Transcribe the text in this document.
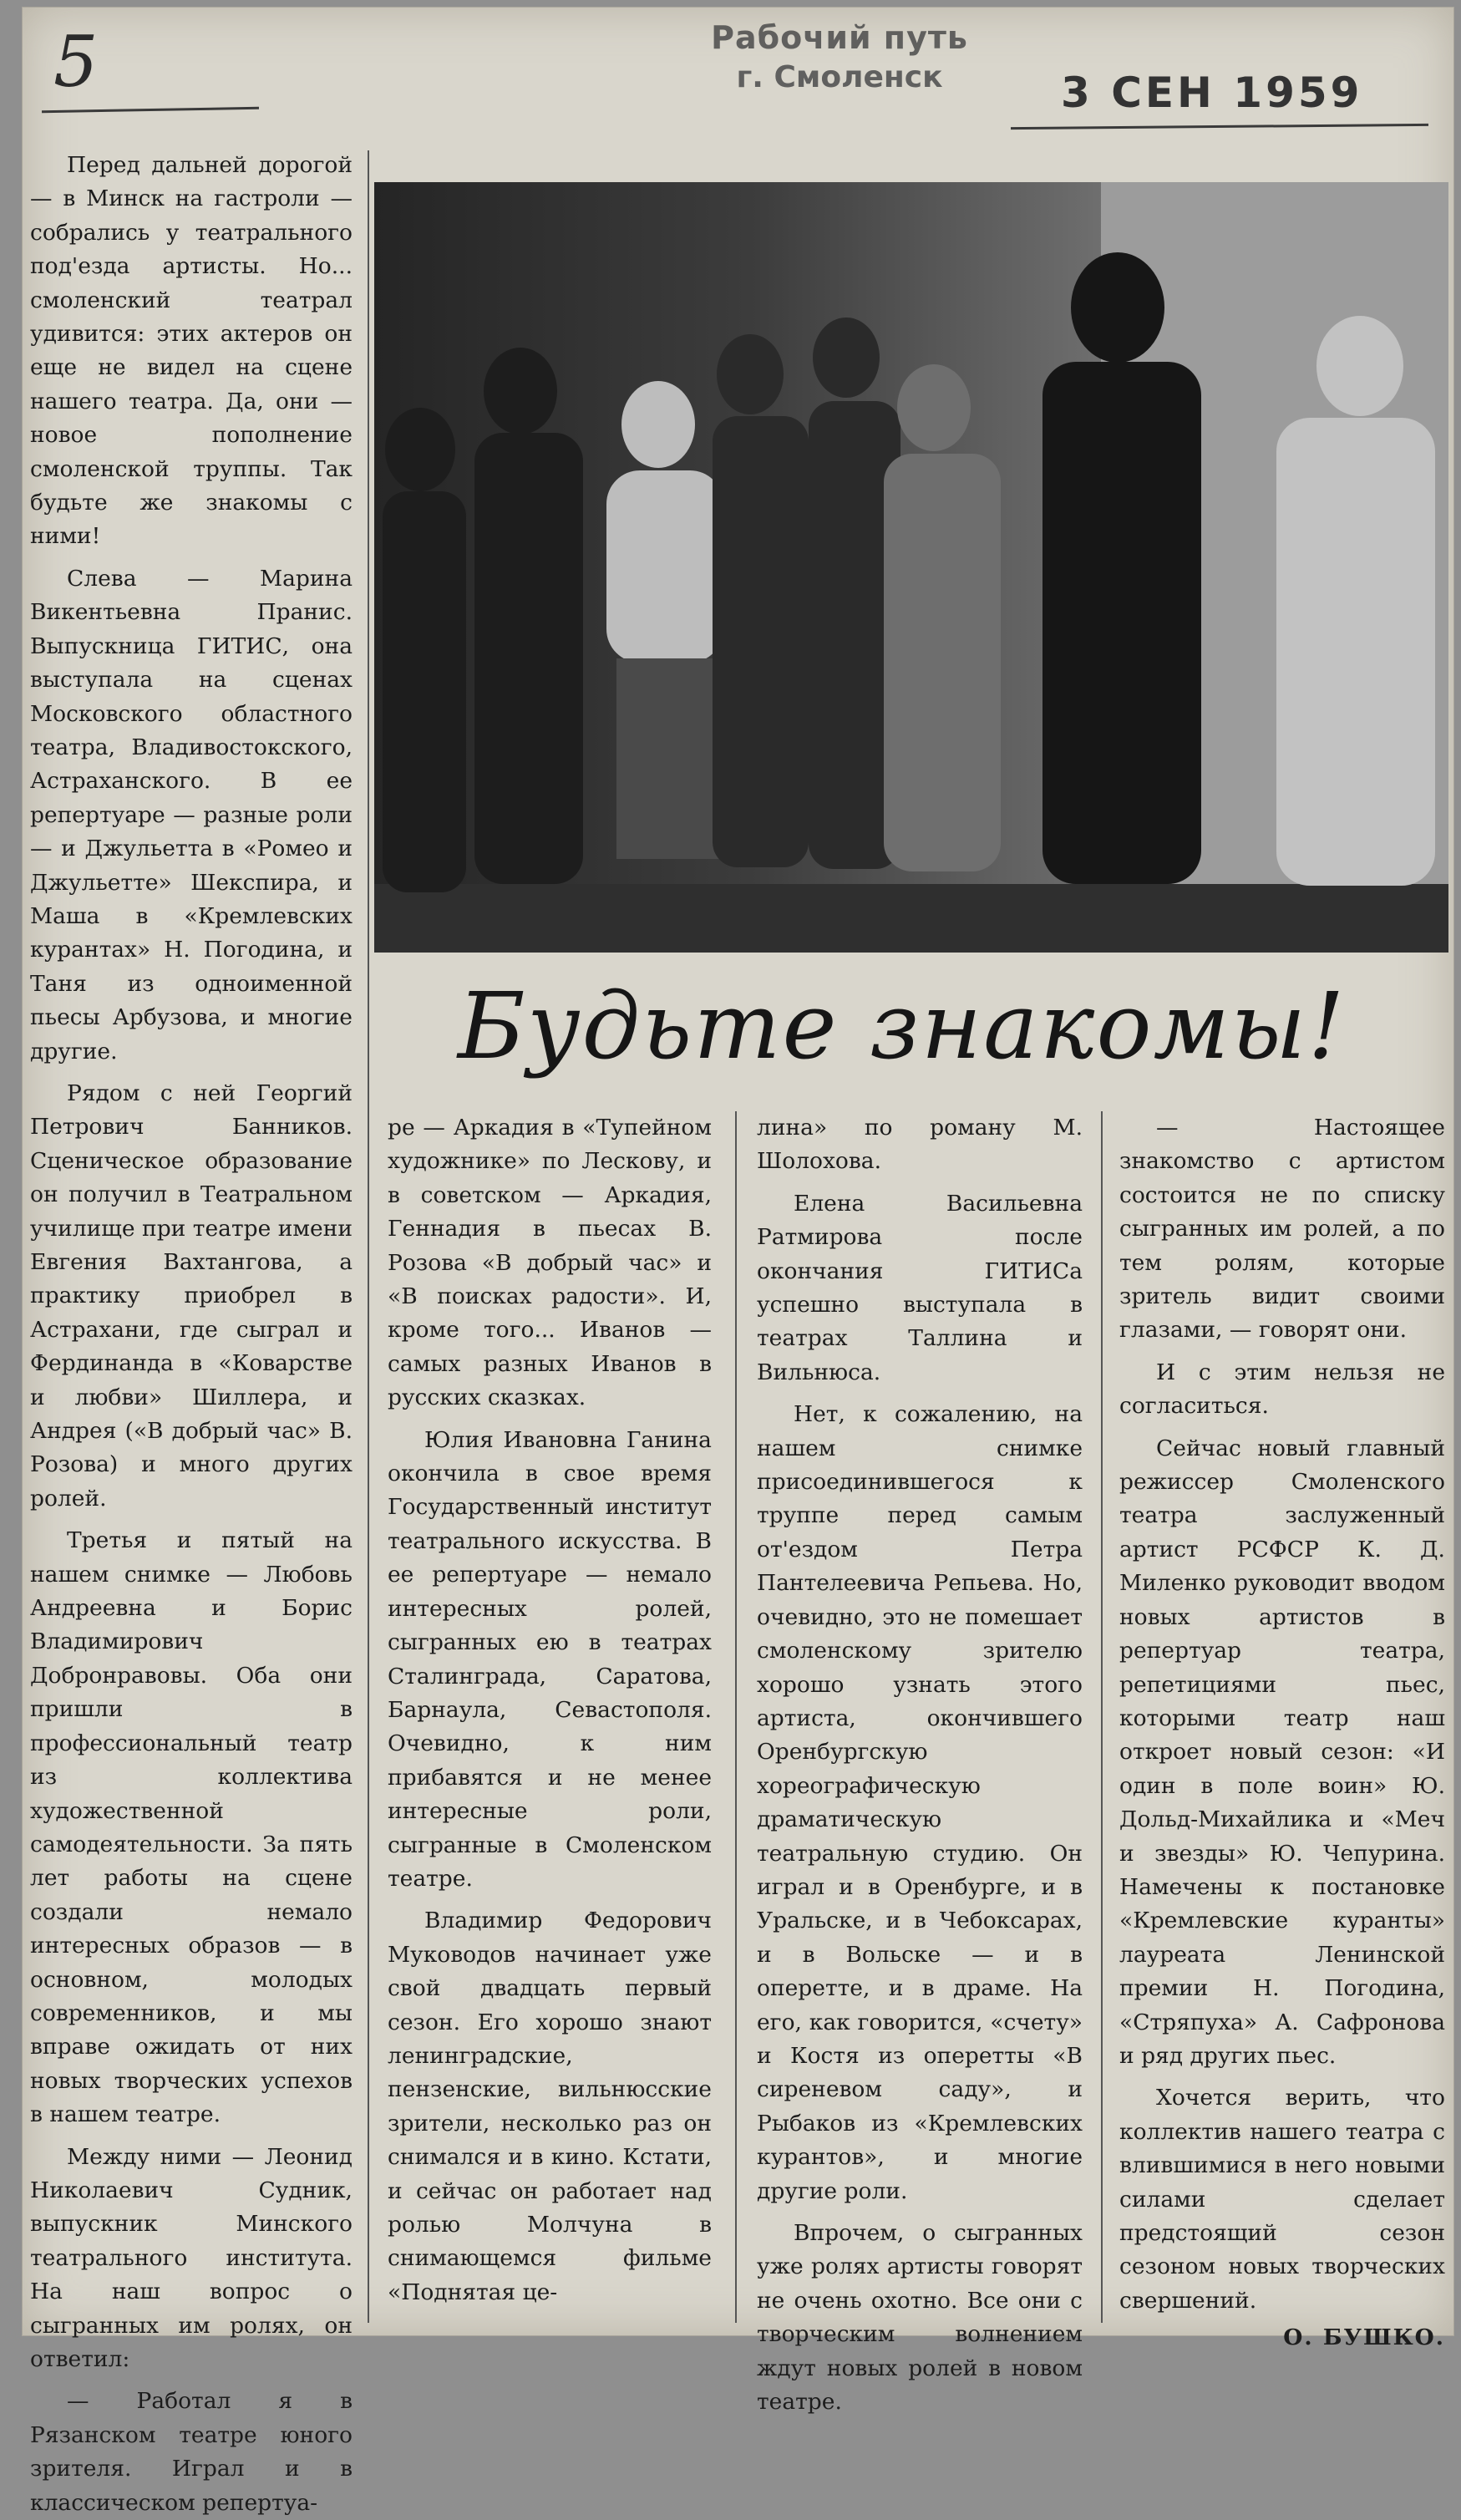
5	Рабочий путь
г. Смоленск	3 СЕН 1959

Перед дальней дорогой — в Минск на гастроли — собрались у театрального под'езда артисты. Но... смоленский театрал удивится: этих актеров он еще не видел на сцене нашего театра. Да, они — новое пополнение смоленской труппы. Так будьте же знакомы с ними!

Слева — Марина Викентьевна Пранис. Выпускница ГИТИС, она выступала на сценах Московского областного театра, Владивостокского, Астраханского. В ее репертуаре — разные роли — и Джульетта в «Ромео и Джульетте» Шекспира, и Маша в «Кремлевских курантах» Н. Погодина, и Таня из одноименной пьесы Арбузова, и многие другие.

Рядом с ней Георгий Петрович Банников. Сценическое образование он получил в Театральном училище при театре имени Евгения Вахтангова, а практику приобрел в Астрахани, где сыграл и Фердинанда в «Коварстве и любви» Шиллера, и Андрея («В добрый час» В. Розова) и много других ролей.

Третья и пятый на нашем снимке — Любовь Андреевна и Борис Владимирович Добронравовы. Оба они пришли в профессиональный театр из коллектива художественной самодеятельности. За пять лет работы на сцене создали немало интересных образов — в основном, молодых современников, и мы вправе ожидать от них новых творческих успехов в нашем театре.

Между ними — Леонид Николаевич Судник, выпускник Минского театрального института. На наш вопрос о сыгранных им ролях, он ответил:

— Работал я в Рязанском театре юного зрителя. Играл и в классическом репертуа-

Будьте знакомы!

ре — Аркадия в «Тупейном художнике» по Лескову, и в советском — Аркадия, Геннадия в пьесах В. Розова «В добрый час» и «В поисках радости». И, кроме того... Иванов — самых разных Иванов в русских сказках.

Юлия Ивановна Ганина окончила в свое время Государственный институт театрального искусства. В ее репертуаре — немало интересных ролей, сыгранных ею в театрах Сталинграда, Саратова, Барнаула, Севастополя. Очевидно, к ним прибавятся и не менее интересные роли, сыгранные в Смоленском театре.

Владимир Федорович Муководов начинает уже свой двадцать первый сезон. Его хорошо знают ленинградские, пензенские, вильнюсские зрители, несколько раз он снимался и в кино. Кстати, и сейчас он работает над ролью Молчуна в снимающемся фильме «Поднятая це-

лина» по роману М. Шолохова.

Елена Васильевна Ратмирова после окончания ГИТИСа успешно выступала в театрах Таллина и Вильнюса.

Нет, к сожалению, на нашем снимке присоединившегося к труппе перед самым от'ездом Петра Пантелеевича Репьева. Но, очевидно, это не помешает смоленскому зрителю хорошо узнать этого артиста, окончившего Оренбургскую хореографическую драматическую театральную студию. Он играл и в Оренбурге, и в Уральске, и в Чебоксарах, и в Вольске — и в оперетте, и в драме. На его, как говорится, «счету» и Костя из оперетты «В сиреневом саду», и Рыбаков из «Кремлевских курантов», и многие другие роли.

Впрочем, о сыгранных уже ролях артисты говорят не очень охотно. Все они с творческим волнением ждут новых ролей в новом театре.

— Настоящее знакомство с артистом состоится не по списку сыгранных им ролей, а по тем ролям, которые зритель видит своими глазами, — говорят они.

И с этим нельзя не согласиться.

Сейчас новый главный режиссер Смоленского театра заслуженный артист РСФСР К. Д. Миленко руководит вводом новых артистов в репертуар театра, репетициями пьес, которыми театр наш откроет новый сезон: «И один в поле воин» Ю. Дольд-Михайлика и «Меч и звезды» Ю. Чепурина. Намечены к постановке «Кремлевские куранты» лауреата Ленинской премии Н. Погодина, «Стряпуха» А. Сафронова и ряд других пьес.

Хочется верить, что коллектив нашего театра с влившимися в него новыми силами сделает предстоящий сезон сезоном новых творческих свершений.

О. БУШКО.
